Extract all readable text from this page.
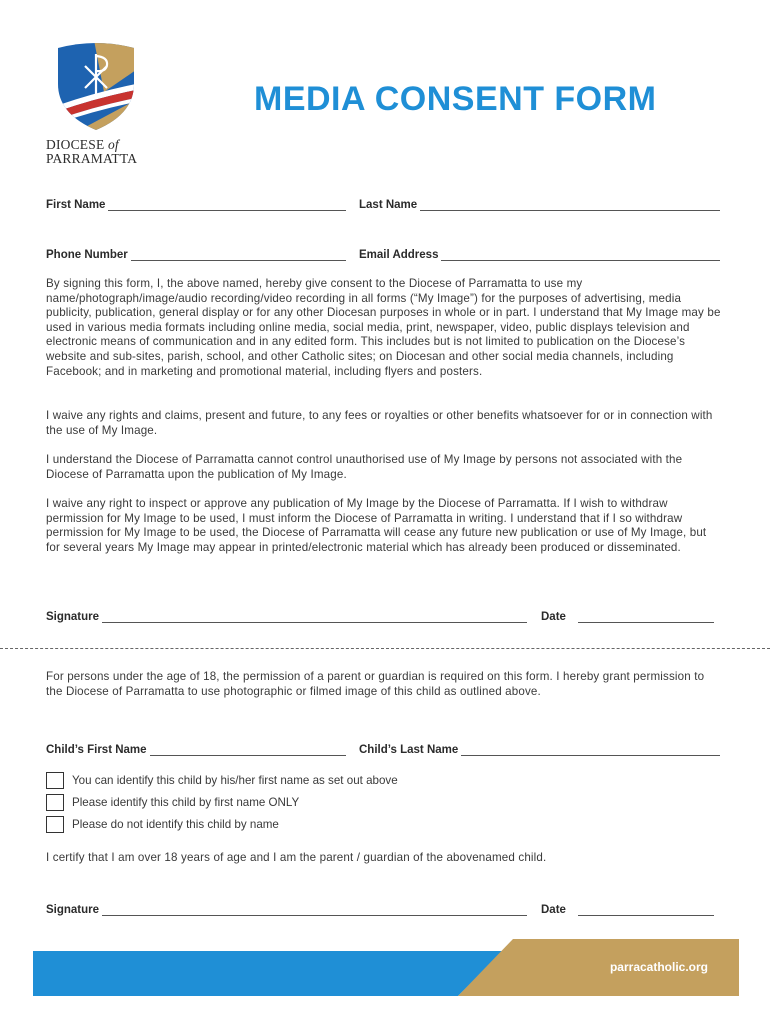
DIOCESE of
PARRAMATTA
MEDIA CONSENT FORM
First Name	Last Name
Phone Number	Email Address

By signing this form, I, the above named, hereby give consent to the Diocese of Parramatta to use my name/photograph/image/audio recording/video recording in all forms (“My Image”) for the purposes of advertising, media publicity, publication, general display or for any other Diocesan purposes in whole or in part. I understand that My Image may be used in various media formats including online media, social media, print, newspaper, video, public displays television and electronic means of communication and in any edited form. This includes but is not limited to publication on the Diocese’s website and sub-sites, parish, school, and other Catholic sites; on Diocesan and other social media channels, including Facebook; and in marketing and promotional material, including flyers and posters.

I waive any rights and claims, present and future, to any fees or royalties or other benefits whatsoever for or in connection with the use of My Image.

I understand the Diocese of Parramatta cannot control unauthorised use of My Image by persons not associated with the Diocese of Parramatta upon the publication of My Image.

I waive any right to inspect or approve any publication of My Image by the Diocese of Parramatta. If I wish to withdraw permission for My Image to be used, I must inform the Diocese of Parramatta in writing. I understand that if I so withdraw permission for My Image to be used, the Diocese of Parramatta will cease any future new publication or use of My Image, but for several years My Image may appear in printed/electronic material which has already been produced or disseminated.

Signature	Date

For persons under the age of 18, the permission of a parent or guardian is required on this form. I hereby grant permission to the Diocese of Parramatta to use photographic or filmed image of this child as outlined above.

Child’s First Name	Child’s Last Name
You can identify this child by his/her first name as set out above
Please identify this child by first name ONLY
Please do not identify this child by name

I certify that I am over 18 years of age and I am the parent / guardian of the abovenamed child.

Signature	Date
parracatholic.org
